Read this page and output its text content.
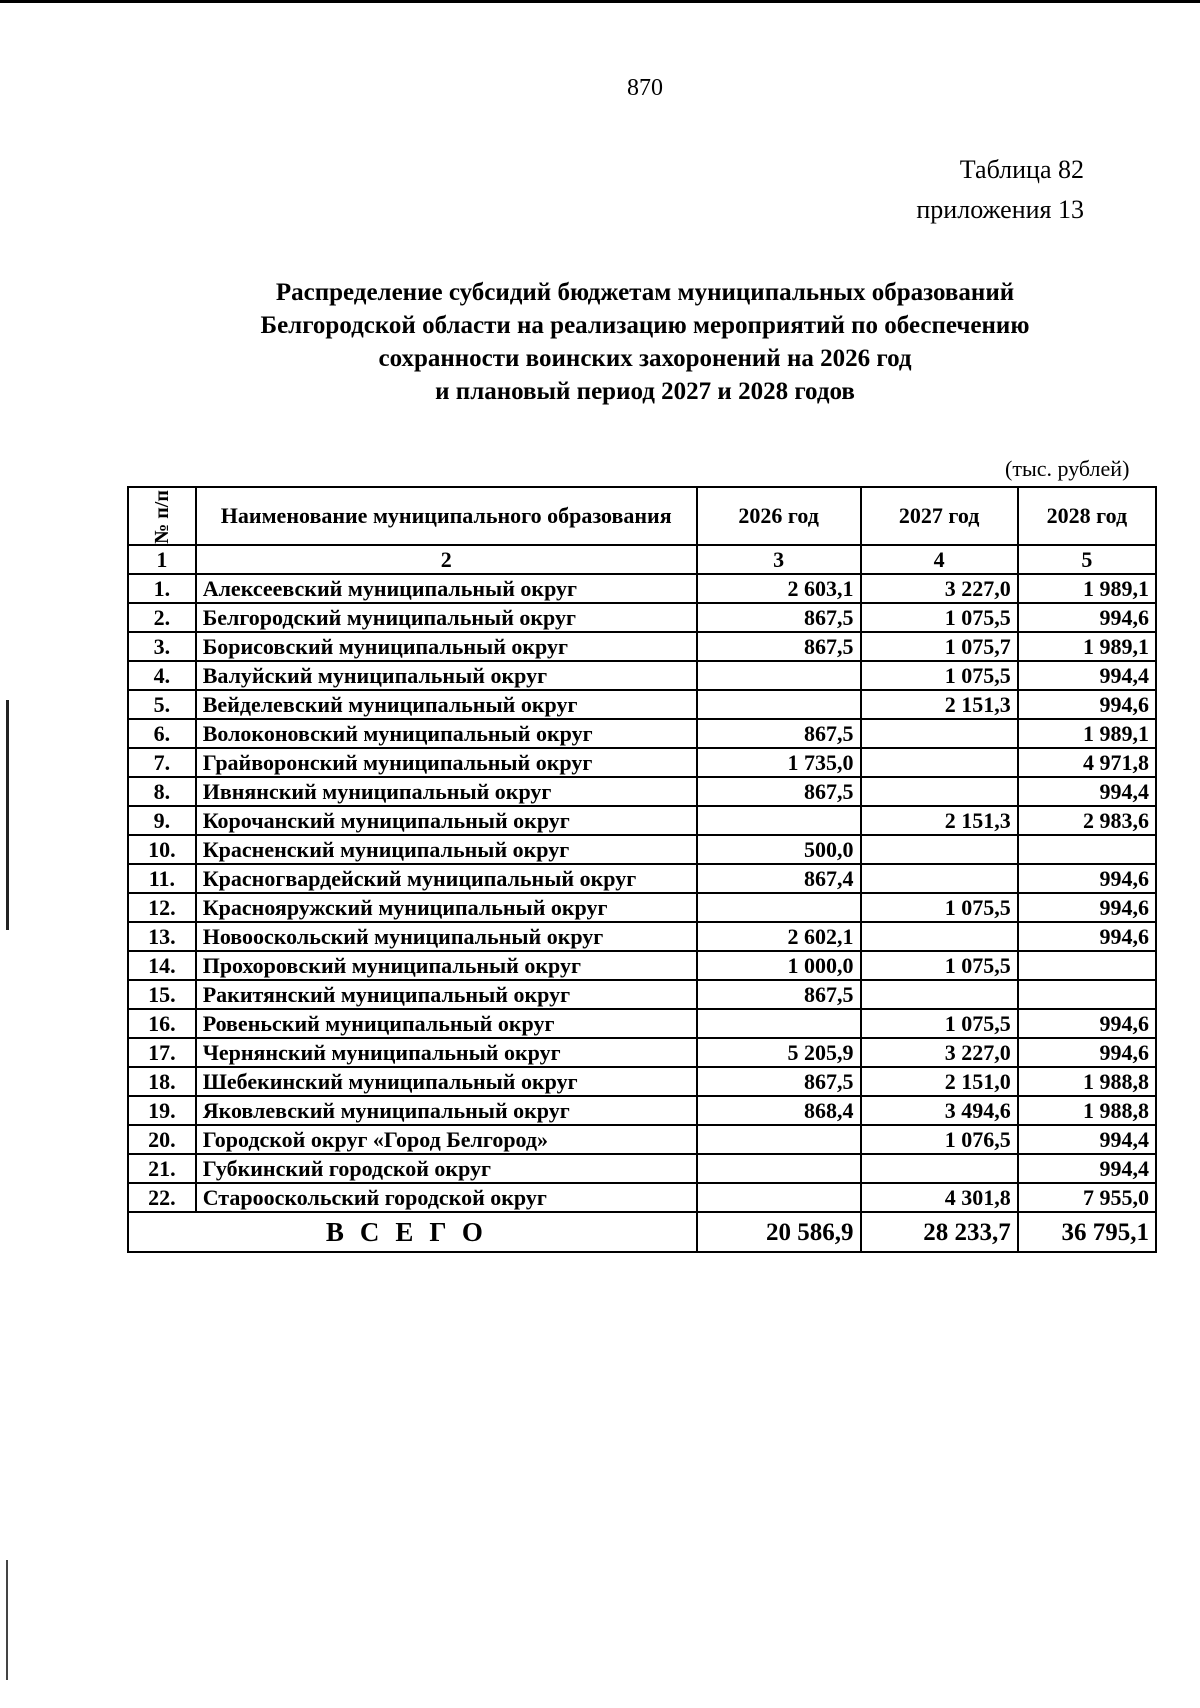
870
Таблица 82
приложения 13
Распределение субсидий бюджетам муниципальных образований
Белгородской области на реализацию мероприятий по обеспечению
сохранности воинских захоронений на 2026 год
и плановый период 2027 и 2028 годов
(тыс. рублей)
№ п/п	Наименование муниципального образования	2026 год	2027 год	2028 год
1	2	3	4	5
1.	Алексеевский муниципальный округ	2 603,1	3 227,0	1 989,1
2.	Белгородский муниципальный округ	867,5	1 075,5	994,6
3.	Борисовский муниципальный округ	867,5	1 075,7	1 989,1
4.	Валуйский муниципальный округ		1 075,5	994,4
5.	Вейделевский муниципальный округ		2 151,3	994,6
6.	Волоконовский муниципальный округ	867,5		1 989,1
7.	Грайворонский муниципальный округ	1 735,0		4 971,8
8.	Ивнянский муниципальный округ	867,5		994,4
9.	Корочанский муниципальный округ		2 151,3	2 983,6
10.	Красненский муниципальный округ	500,0		
11.	Красногвардейский муниципальный округ	867,4		994,6
12.	Краснояружский муниципальный округ		1 075,5	994,6
13.	Новооскольский муниципальный округ	2 602,1		994,6
14.	Прохоровский муниципальный округ	1 000,0	1 075,5	
15.	Ракитянский муниципальный округ	867,5		
16.	Ровеньский муниципальный округ		1 075,5	994,6
17.	Чернянский муниципальный округ	5 205,9	3 227,0	994,6
18.	Шебекинский муниципальный округ	867,5	2 151,0	1 988,8
19.	Яковлевский муниципальный округ	868,4	3 494,6	1 988,8
20.	Городской округ «Город Белгород»		1 076,5	994,4
21.	Губкинский городской округ			994,4
22.	Старооскольский городской округ		4 301,8	7 955,0
ВСЕГО		20 586,9	28 233,7	36 795,1
